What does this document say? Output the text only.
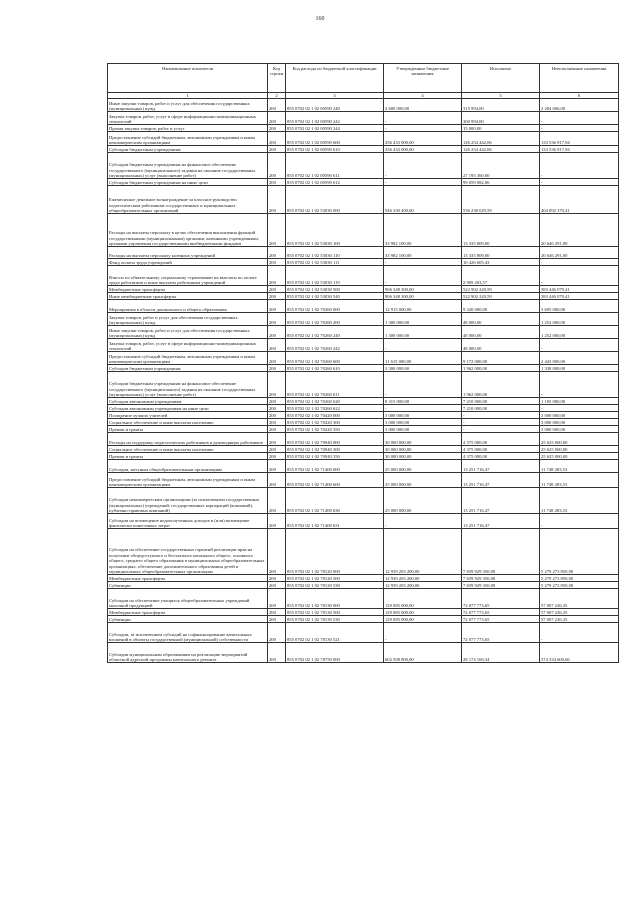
160
Наименование показателя	Код строки	Код расхода по бюджетной классификации	Утвержденные бюджетные назначения	Исполнено	Неисполненные назначения
1	2	3	4	5	6
Иные закупки товаров, работ и услуг для обеспечения государственных (муниципальных) нужд	200	855 0702 02 1 02 00590 240	2 600 000,00	315 994,00	2 284 006,00
Закупка товаров, работ, услуг в сфере информационно-коммуникационных технологий	200	855 0702 02 1 02 00590 242	-	300 994,00	-
Прочая закупка товаров, работ и услуг	200	855 0702 02 1 02 00590 244	-	15 000,00	-
Предоставление субсидий бюджетным, автономным учреждениям и иным некоммерческим организациям	200	855 0702 02 1 02 00590 600	256 433 000,00	126 254 442,06	133 536 917,94
Субсидии бюджетным учреждениям	200	855 0702 02 1 02 00590 610	256 433 000,00	126 254 442,06	133 536 917,94
Субсидии бюджетным учреждениям на финансовое обеспечение государственного (муниципального) задания на оказание государственных (муниципальных) услуг (выполнение работ)	200	855 0702 02 1 02 00590 611	-	27 195 360,00	-
Субсидии бюджетным учреждениям на иные цели	200	855 0702 02 1 02 00590 612	-	99 059 082,06	-
Ежемесячное денежное вознаграждение за классное руководство педагогическим работникам государственных и муниципальных общеобразовательных организаций	200	855 0702 02 1 02 53030 000	946 330 400,00	536 238 029,59	404 092 370,41
Расходы на выплаты персоналу в целях обеспечения выполнения функций государственными (муниципальными) органами, казенными учреждениями, органами управления государственными внебюджетными фондами	200	855 0702 02 1 02 53030 100	33 982 100,00	13 335 809,00	20 646 291,00
Расходы на выплаты персоналу казенных учреждений	200	855 0702 02 1 02 53030 110	33 982 100,00	13 335 809,00	20 646 291,00
Фонд оплаты труда учреждений	200	855 0702 02 1 02 53030 111	-	10 426 605,43	-
Взносы по обязательному социальному страхованию на выплаты по оплате труда работников и иные выплаты работникам учреждений	200	855 0702 02 1 02 53030 119	-	2 909 203,57	-
Межбюджетные трансферты	200	855 0702 02 1 02 53030 500	906 348 300,00	522 902 220,59	383 446 079,41
Иные межбюджетные трансферты	200	855 0702 02 1 02 53030 540	906 348 300,00	522 902 220,59	383 446 079,41
Мероприятия в области дошкольного и общего образования	200	855 0702 02 1 02 70260 000	12 915 000,00	9 320 000,00	3 695 000,00
Закупка товаров, работ и услуг для обеспечения государственных (муниципальных) нужд	200	855 0702 02 1 02 70260 200	1 300 000,00	48 000,00	1 252 000,00
Иные закупки товаров, работ и услуг для обеспечения государственных (муниципальных) нужд	200	855 0702 02 1 02 70260 240	1 300 000,00	48 000,00	1 252 000,00
Закупка товаров, работ, услуг в сфере информационно-коммуникационных технологий	200	855 0702 02 1 02 70260 242	-	48 000,00	-
Предоставление субсидий бюджетным, автономным учреждениям и иным некоммерческим организациям	200	855 0702 02 1 02 70260 600	11 615 000,00	9 172 000,00	2 443 000,00
Субсидии бюджетным учреждениям	200	855 0702 02 1 02 70260 610	3 300 000,00	1 962 000,00	1 338 000,00
Субсидии бюджетным учреждениям на финансовое обеспечение государственного (муниципального) задания на оказание государственных (муниципальных) услуг (выполнение работ)	200	855 0702 02 1 02 70260 611	-	1 962 000,00	-
Субсидии автономным учреждениям	200	855 0702 02 1 02 70260 620	8 315 000,00	7 210 000,00	1 105 000,00
Субсидии автономным учреждениям на иные цели	200	855 0702 02 1 02 70260 622	-	7 210 000,00	-
Поощрение лучших учителей	200	855 0702 02 1 02 70420 000	3 000 000,00	-	3 000 000,00
Социальное обеспечение и иные выплаты населению	200	855 0702 02 1 02 70420 300	3 000 000,00	-	3 000 000,00
Премии и гранты	200	855 0702 02 1 02 70420 350	3 000 000,00	-	3 000 000,00
Расходы на поддержку педагогических работников и руководящих работников	200	855 0702 02 1 02 70940 000	30 000 000,00	4 375 000,00	25 625 000,00
Социальное обеспечение и иные выплаты населению	200	855 0702 02 1 02 70940 300	30 000 000,00	4 375 000,00	25 625 000,00
Премии и гранты	200	855 0702 02 1 02 70940 350	30 000 000,00	4 375 000,00	25 625 000,00
Субсидии, местным общеобразовательным организациям	200	855 0702 02 1 02 71400 000	25 000 000,00	13 251 716,47	11 748 283,53
Предоставление субсидий бюджетным, автономным учреждениям и иным некоммерческим организациям	200	855 0702 02 1 02 71400 600	25 000 000,00	13 251 716,47	11 748 283,53
Субсидии некоммерческим организациям (за исключением государственных (муниципальных) учреждений, государственных корпораций (компаний), публично-правовых компаний)	200	855 0702 02 1 02 71400 630	25 000 000,00	13 251 716,47	11 748 283,53
Субсидии на возмещение недополученных доходов и (или) возмещение фактически понесенных затрат	200	855 0702 02 1 02 71400 631	-	13 251 716,47	-
Субсидии на обеспечение государственных гарантий реализации прав на получение общедоступного и бесплатного начального общего, основного общего, среднего общего образования в муниципальных общеобразовательных организациях, обеспечение дополнительного образования детей в муниципальных общеобразовательных организациях	200	855 0702 02 1 02 78120 000	12 939 203 200,00	7 659 929 350,00	5 279 273 850,00
Межбюджетные трансферты	200	855 0702 02 1 02 78120 500	12 939 203 200,00	7 659 929 350,00	5 279 273 850,00
Субвенции	200	855 0702 02 1 02 78120 530	12 939 203 200,00	7 659 929 350,00	5 279 273 850,00
Субсидии на обеспечение учащихся общеобразовательных учреждений молочной продукцией	200	855 0702 02 1 02 78130 000	129 085 000,00	72 077 773,65	57 007 226,35
Межбюджетные трансферты	200	855 0702 02 1 02 78130 500	129 085 000,00	72 077 773,65	57 007 226,35
Субвенции	200	855 0702 02 1 02 78130 530	129 085 000,00	72 077 773,65	57 007 226,35
Субсидии, за исключением субсидий на софинансирование капитальных вложений в объекты государственной (муниципальной) собственности	200	855 0702 02 1 02 78130 521	-	72 077 773,65	-
Субсидии муниципальным образованиям на реализацию мероприятий областной адресной программы капитального ремонта	200	855 0702 02 1 02 78750 000	602 508 800,00	28 174 169,34	574 334 600,66
